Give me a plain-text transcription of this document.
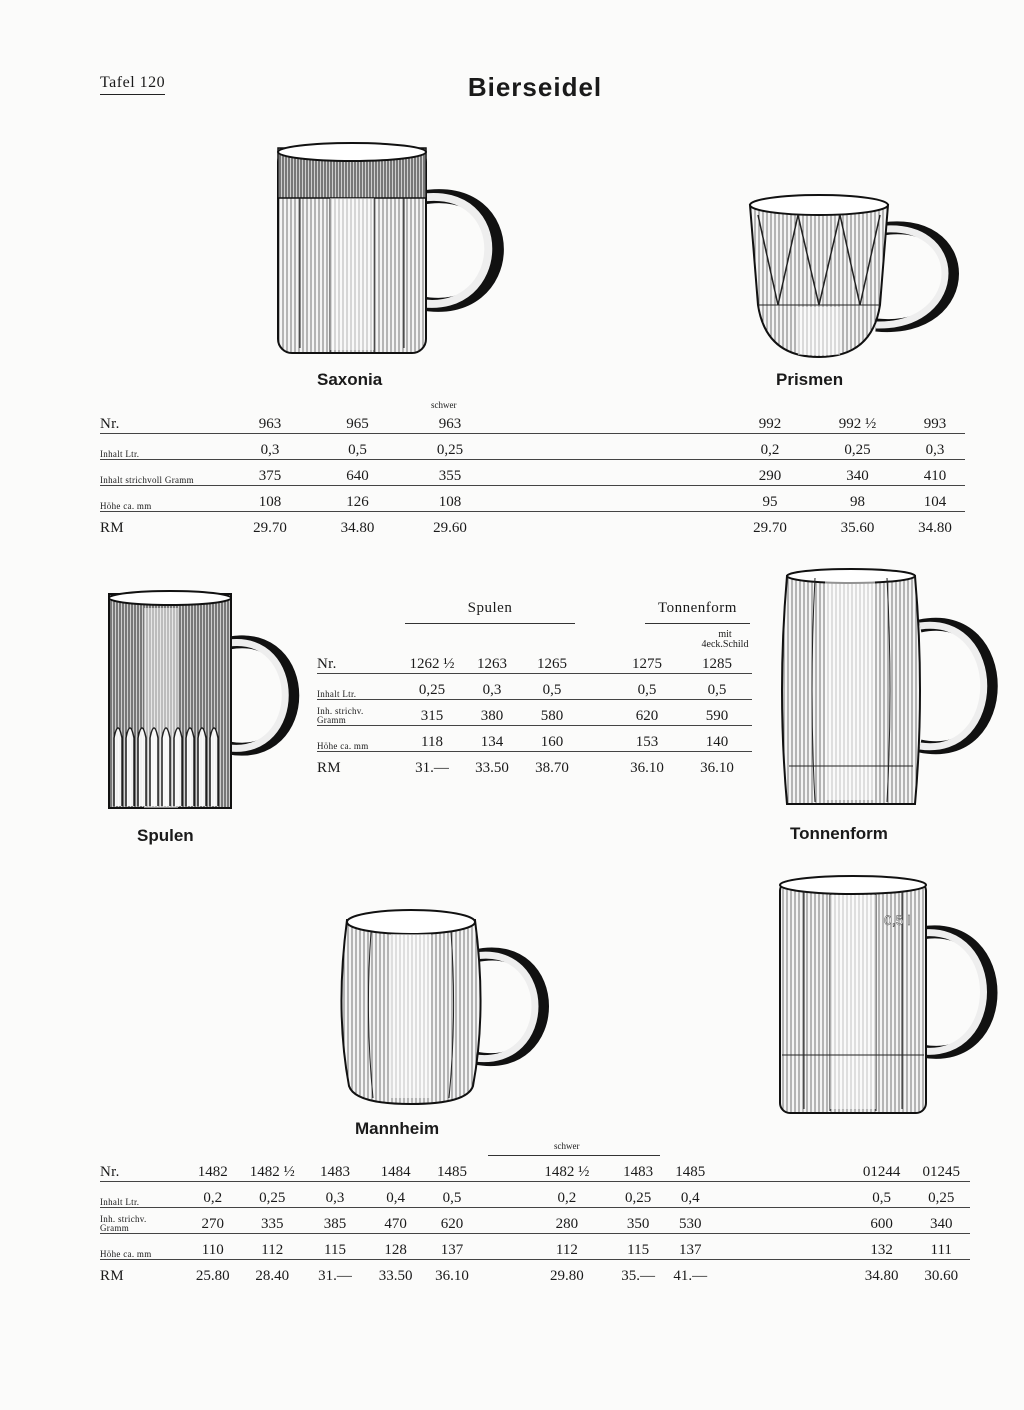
Tafel 120	Bierseidel
0,5 l
Saxonia	Prismen
Spulen	Tonnenform
Mannheim
schwer
Nr.	963	965	963		992	992 ½	993
Inhalt Ltr.	0,3	0,5	0,25		0,2	0,25	0,3
Inhalt strichvoll Gramm	375	640	355		290	340	410
Höhe ca. mm	108	126	108		95	98	104
RM	29.70	34.80	29.60		29.70	35.60	34.80
Spulen	Tonnenform
mit
4eck.Schild
Nr.	1262 ½	1263	1265		1275	1285
Inhalt Ltr.	0,25	0,3	0,5		0,5	0,5

Inh. strichv.
Gramm	315	380	580		620	590
Höhe ca. mm	118	134	160		153	140
RM	31.—	33.50	38.70		36.10	36.10
schwer
Nr.	1482	1482 ½	1483	1484	1485		1482 ½	1483	1485		01244	01245
Inhalt Ltr.	0,2	0,25	0,3	0,4	0,5		0,2	0,25	0,4		0,5	0,25

Inh. strichv.
Gramm	270	335	385	470	620		280	350	530		600	340
Höhe ca. mm	110	112	115	128	137		112	115	137		132	111
RM	25.80	28.40	31.—	33.50	36.10		29.80	35.—	41.—		34.80	30.60
